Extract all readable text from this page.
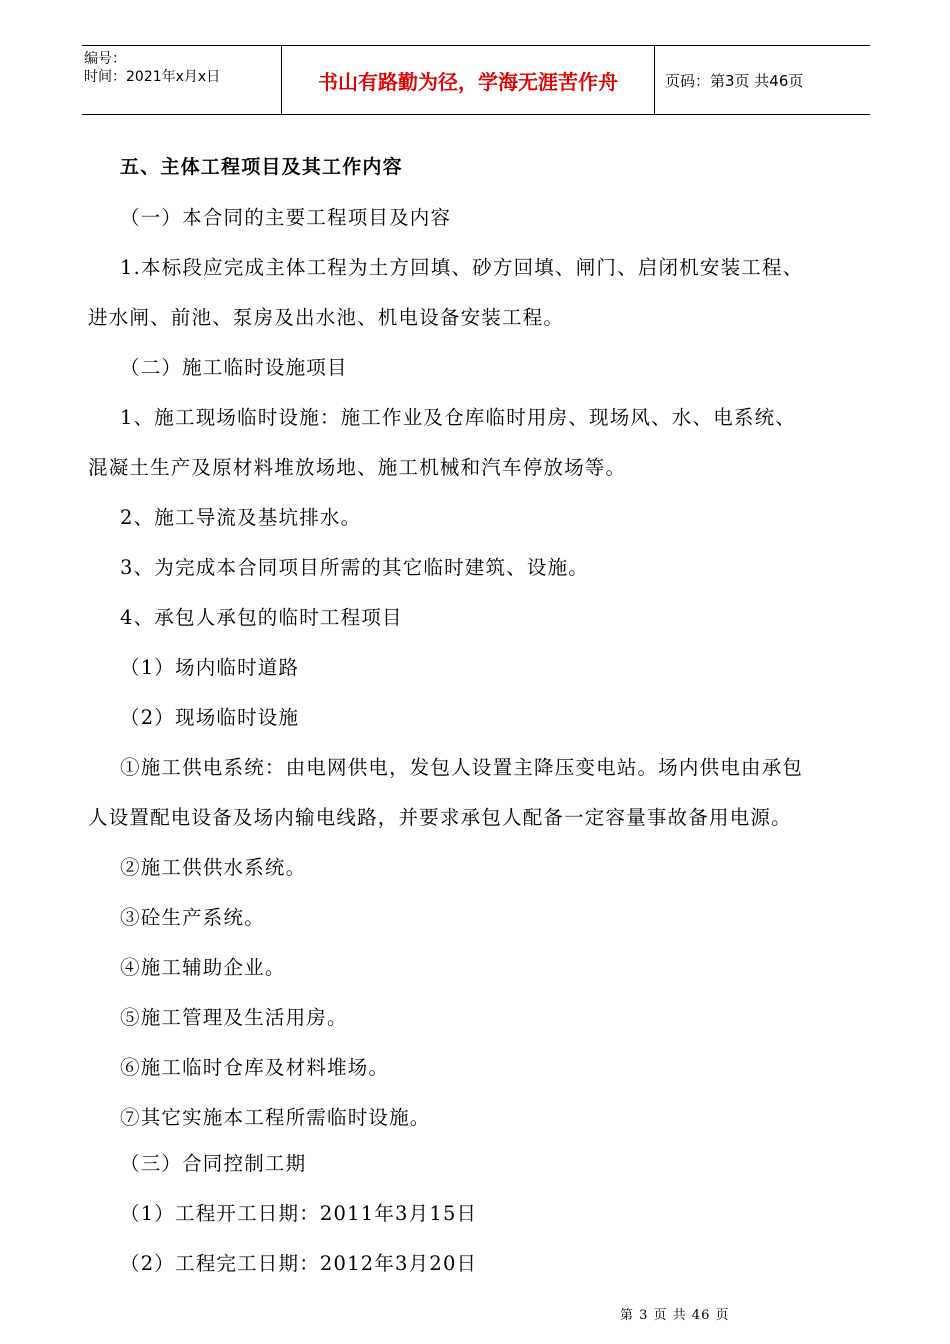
编号：
时间：2021年x月x日	书山有路勤为径，学海无涯苦作舟	页码：第3页 共46页
五、主体工程项目及其工作内容
（一）本合同的主要工程项目及内容
1.本标段应完成主体工程为土方回填、砂方回填、闸门、启闭机安装工程、
进水闸、前池、泵房及出水池、机电设备安装工程。
（二）施工临时设施项目
1、施工现场临时设施：施工作业及仓库临时用房、现场风、水、电系统、
混凝土生产及原材料堆放场地、施工机械和汽车停放场等。
2、施工导流及基坑排水。
3、为完成本合同项目所需的其它临时建筑、设施。
4、承包人承包的临时工程项目
（1）场内临时道路
（2）现场临时设施
①施工供电系统：由电网供电，发包人设置主降压变电站。场内供电由承包
人设置配电设备及场内输电线路，并要求承包人配备一定容量事故备用电源。
②施工供供水系统。
③砼生产系统。
④施工辅助企业。
⑤施工管理及生活用房。
⑥施工临时仓库及材料堆场。
⑦其它实施本工程所需临时设施。
（三）合同控制工期
（1）工程开工日期：2011年3月15日
（2）工程完工日期：2012年3月20日
第 3 页 共 46 页
